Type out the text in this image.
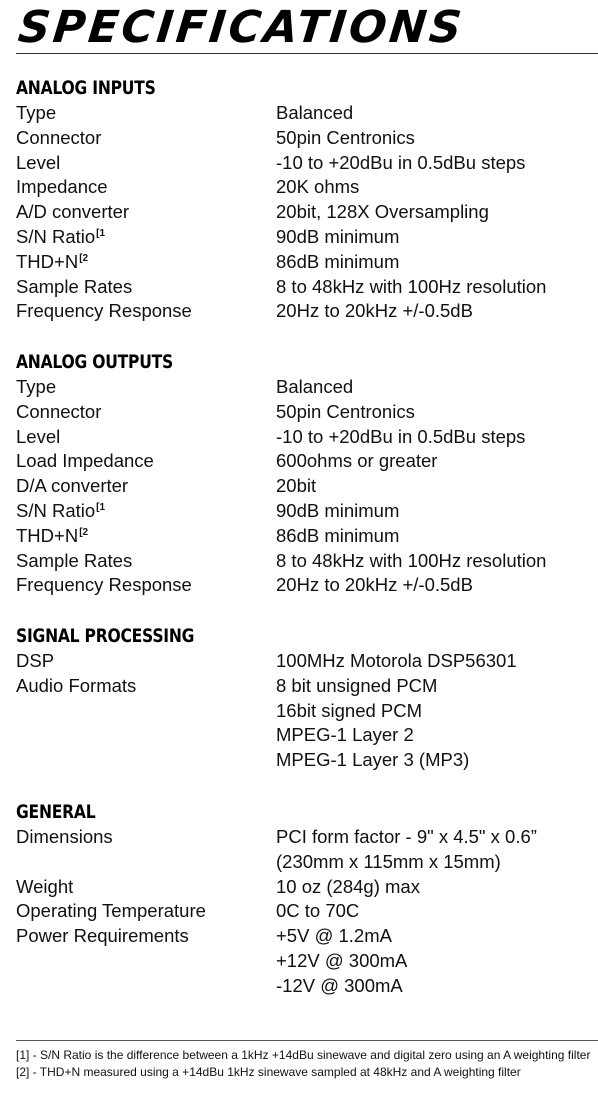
SPECIFICATIONS
ANALOG INPUTS
Type	Balanced
Connector	50pin Centronics
Level	-10 to +20dBu in 0.5dBu steps
Impedance	20K ohms
A/D converter	20bit, 128X Oversampling
S/N Ratio$^{[1}$	90dB minimum
$THD+N^{[2}$	86dB minimum
Sample Rates	8 to 48kHz with 100Hz resolution
Frequency Response	20Hz to 20kHz +/-0.5dB
ANALOG OUTPUTS
Type	Balanced
Connector	50pin Centronics
Level	-10 to +20dBu in 0.5dBu steps
Load Impedance	600ohms or greater
D/A converter	20bit
S/N Ratio$^{[1}$	90dB minimum
$THD+N^{[2}$	86dB minimum
Sample Rates	8 to 48kHz with 100Hz resolution
Frequency Response	20Hz to 20kHz +/-0.5dB
SIGNAL PROCESSING
DSP	100MHz Motorola DSP56301
Audio Formats	8 bit unsigned PCM
16bit signed PCM
MPEG-1 Layer 2
MPEG-1 Layer 3 (MP3)
GENERAL
Dimensions	PCI form factor - 9" x 4.5" x 0.6”
(230mm x 115mm x 15mm)
Weight	10 oz (284g) max
Operating Temperature	0C to 70C
Power Requirements	+5V @ 1.2mA
+12V @ 300mA
-12V @ 300mA
[1] - S/N Ratio is the difference between a 1kHz +14dBu sinewave and digital zero using an A weighting filter
[2] - THD+N measured using a +14dBu 1kHz sinewave sampled at 48kHz and A weighting filter
